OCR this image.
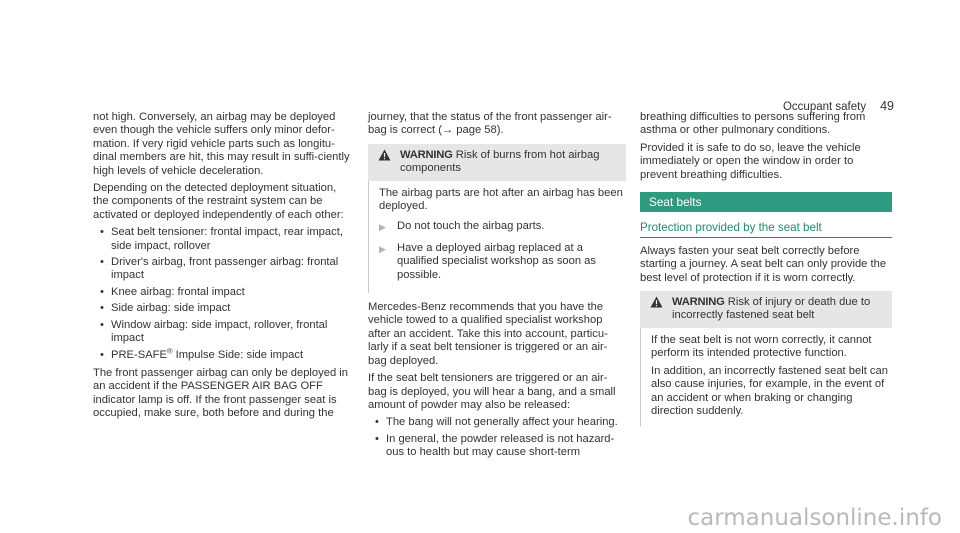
Occupant safety 49

not high. Conversely, an airbag may be deployed even though the vehicle suffers only minor defor-mation. If very rigid vehicle parts such as longitu-dinal members are hit, this may result in suffi-ciently high levels of vehicle deceleration.

Depending on the detected deployment situation, the components of the restraint system can be activated or deployed independently of each other:

• Seat belt tensioner: frontal impact, rear impact, side impact, rollover
• Driver's airbag, front passenger airbag: frontal impact
• Knee airbag: frontal impact
• Side airbag: side impact
• Window airbag: side impact, rollover, frontal impact
• PRE-SAFE® Impulse Side: side impact

The front passenger airbag can only be deployed in an accident if the PASSENGER AIR BAG OFF indicator lamp is off. If the front passenger seat is occupied, make sure, both before and during the

journey, that the status of the front passenger air-bag is correct (→ page 58).

WARNING Risk of burns from hot airbag components

The airbag parts are hot after an airbag has been deployed.

▶ Do not touch the airbag parts.
▶ Have a deployed airbag replaced at a qualified specialist workshop as soon as possible.

Mercedes-Benz recommends that you have the vehicle towed to a qualified specialist workshop after an accident. Take this into account, particu-larly if a seat belt tensioner is triggered or an air-bag deployed.

If the seat belt tensioners are triggered or an air-bag is deployed, you will hear a bang, and a small amount of powder may also be released:

• The bang will not generally affect your hearing.
• In general, the powder released is not hazard-ous to health but may cause short-term

breathing difficulties to persons suffering from asthma or other pulmonary conditions.

Provided it is safe to do so, leave the vehicle immediately or open the window in order to prevent breathing difficulties.

Seat belts
Protection provided by the seat belt

Always fasten your seat belt correctly before starting a journey. A seat belt can only provide the best level of protection if it is worn correctly.

WARNING Risk of injury or death due to incorrectly fastened seat belt

If the seat belt is not worn correctly, it cannot perform its intended protective function.

In addition, an incorrectly fastened seat belt can also cause injuries, for example, in the event of an accident or when braking or changing direction suddenly.

carmanualsonline.info
